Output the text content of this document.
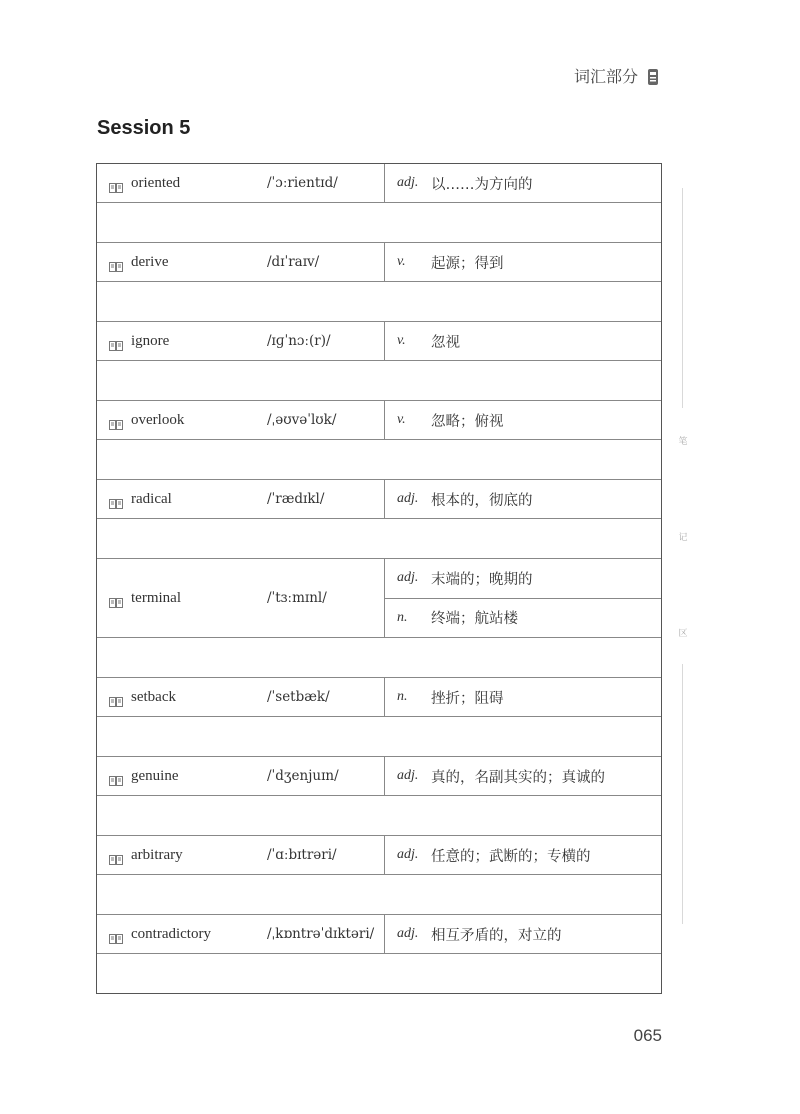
词汇部分
Session 5
oriented	/ˈɔːrientɪd/	adj. 以……为方向的
derive	/dɪˈraɪv/	v.	起源；得到
ignore	/ɪɡˈnɔː(r)/	v.	忽视
overlook	/ˌəʊvəˈlʊk/	v.	忽略；俯视
radical	/ˈrædɪkl/	adj. 根本的，彻底的
terminal	/ˈtɜːmɪnl/
adj. 末端的；晚期的
n.	终端；航站楼
setback	/ˈsetbæk/	n.	挫折；阻碍
genuine	/ˈdʒenjuɪn/	adj. 真的，名副其实的；真诚的
arbitrary	/ˈɑːbɪtrəri/	adj. 任意的；武断的；专横的
contradictory	/ˌkɒntrəˈdɪktəri/ adj. 相互矛盾的，对立的
笔
记
区
065
